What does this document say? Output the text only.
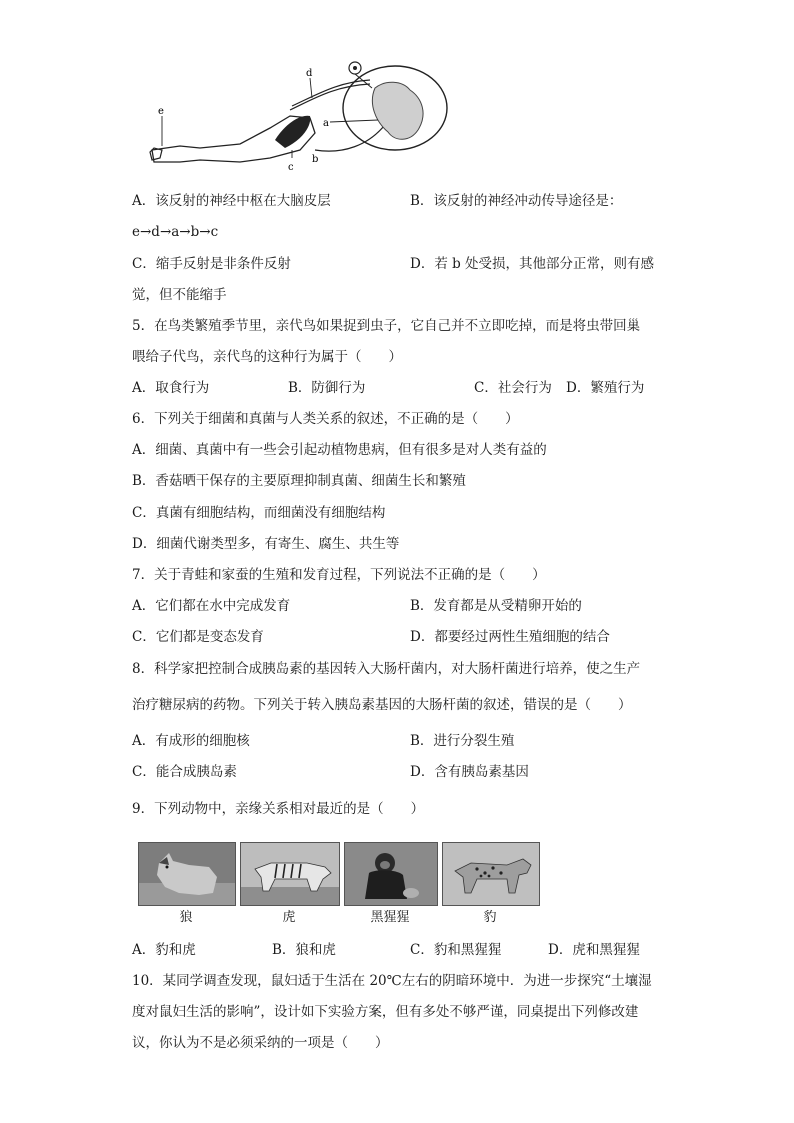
d
a
e
c
b
A．该反射的神经中枢在大脑皮层	B．该反射的神经冲动传导途径是：
e→d→a→b→c
C．缩手反射是非条件反射	D．若 b 处受损，其他部分正常，则有感
觉，但不能缩手
5．在鸟类繁殖季节里，亲代鸟如果捉到虫子，它自己并不立即吃掉，而是将虫带回巢
喂给子代鸟，亲代鸟的这种行为属于（　　）
A．取食行为	B．防御行为	C．社会行为 D．繁殖行为
6．下列关于细菌和真菌与人类关系的叙述，不正确的是（　　）
A．细菌、真菌中有一些会引起动植物患病，但有很多是对人类有益的
B．香菇晒干保存的主要原理抑制真菌、细菌生长和繁殖
C．真菌有细胞结构，而细菌没有细胞结构
D．细菌代谢类型多，有寄生、腐生、共生等
7．关于青蛙和家蚕的生殖和发育过程，下列说法不正确的是（　　）
A．它们都在水中完成发育	B．发育都是从受精卵开始的
C．它们都是变态发育	D．都要经过两性生殖细胞的结合
8．科学家把控制合成胰岛素的基因转入大肠杆菌内，对大肠杆菌进行培养，使之生产
治疗糖尿病的药物。下列关于转入胰岛素基因的大肠杆菌的叙述，错误的是（　　）
A．有成形的细胞核	B．进行分裂生殖
C．能合成胰岛素	D．含有胰岛素基因
9．下列动物中，亲缘关系相对最近的是（　　）
狼	虎	黑猩猩	豹
A．豹和虎	B．狼和虎	C．豹和黑猩猩	D．虎和黑猩猩
10．某同学调查发现，鼠妇适于生活在 20℃左右的阴暗环境中．为进一步探究“土壤湿
度对鼠妇生活的影响”，设计如下实验方案，但有多处不够严谨，同桌提出下列修改建
议，你认为不是必须采纳的一项是（　　）
